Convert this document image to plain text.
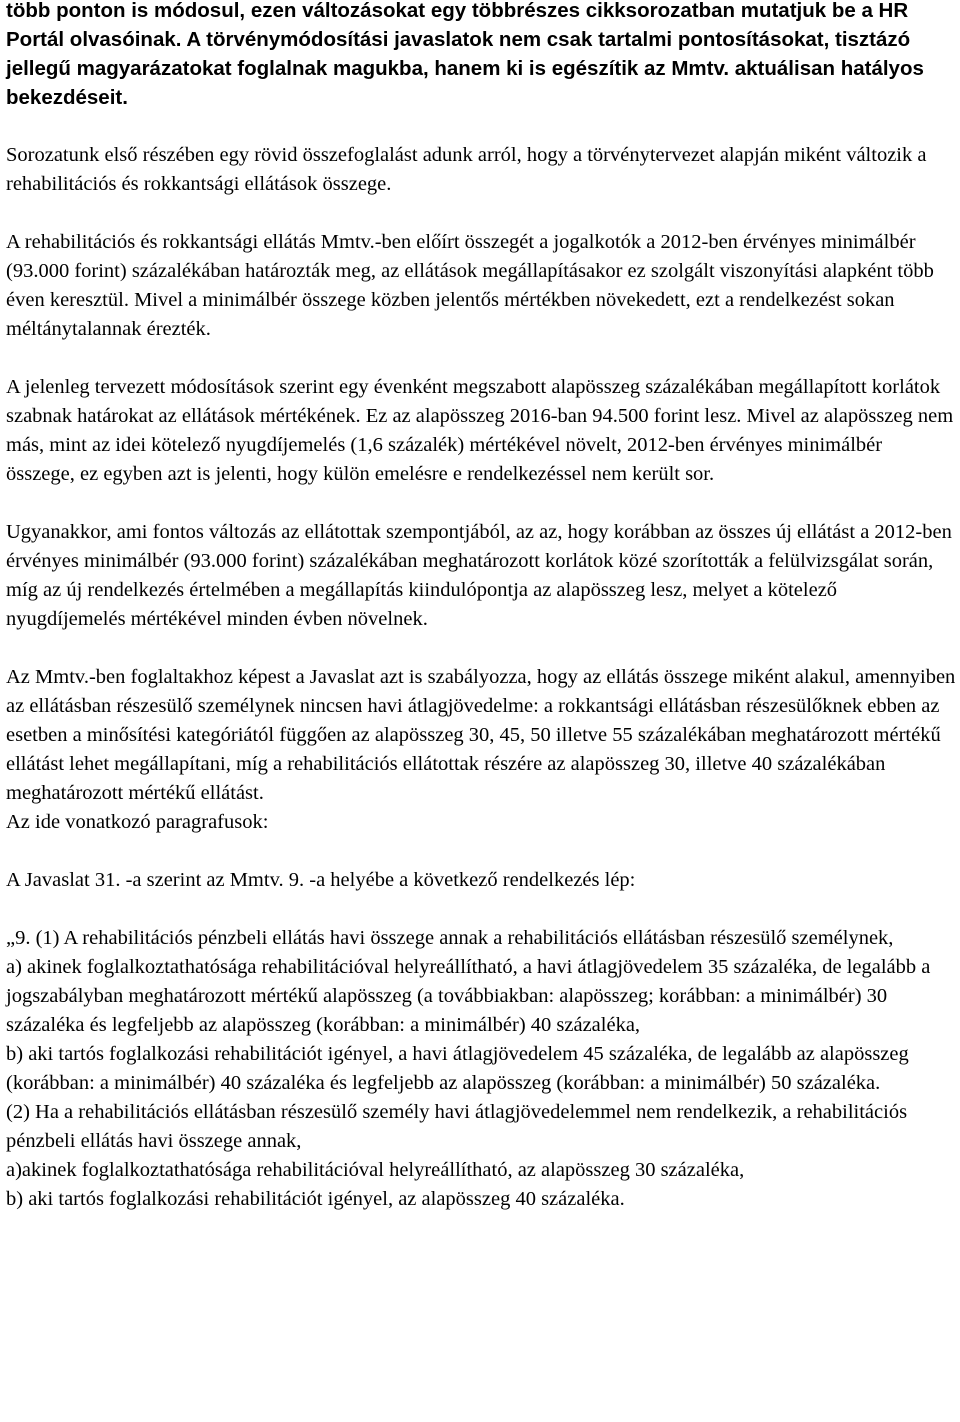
több ponton is módosul, ezen változásokat egy többrészes cikksorozatban mutatjuk be a HR Portál olvasóinak. A törvénymódosítási javaslatok nem csak tartalmi pontosításokat, tisztázó jellegű magyarázatokat foglalnak magukba, hanem ki is egészítik az Mmtv. aktuálisan hatályos bekezdéseit.

Sorozatunk első részében egy rövid összefoglalást adunk arról, hogy a törvénytervezet alapján miként változik a rehabilitációs és rokkantsági ellátások összege.

A rehabilitációs és rokkantsági ellátás Mmtv.-ben előírt összegét a jogalkotók a 2012-ben érvényes minimálbér (93.000 forint) százalékában határozták meg, az ellátások megállapításakor ez szolgált viszonyítási alapként több éven keresztül. Mivel a minimálbér összege közben jelentős mértékben növekedett, ezt a rendelkezést sokan méltánytalannak érezték.

A jelenleg tervezett módosítások szerint egy évenként megszabott alapösszeg százalékában megállapított korlátok szabnak határokat az ellátások mértékének. Ez az alapösszeg 2016-ban 94.500 forint lesz. Mivel az alapösszeg nem más, mint az idei kötelező nyugdíjemelés (1,6 százalék) mértékével növelt, 2012-ben érvényes minimálbér összege, ez egyben azt is jelenti, hogy külön emelésre e rendelkezéssel nem került sor.

Ugyanakkor, ami fontos változás az ellátottak szempontjából, az az, hogy korábban az összes új ellátást a 2012-ben érvényes minimálbér (93.000 forint) százalékában meghatározott korlátok közé szorították a felülvizsgálat során, míg az új rendelkezés értelmében a megállapítás kiindulópontja az alapösszeg lesz, melyet a kötelező nyugdíjemelés mértékével minden évben növelnek.

Az Mmtv.-ben foglaltakhoz képest a Javaslat azt is szabályozza, hogy az ellátás összege miként alakul, amennyiben az ellátásban részesülő személynek nincsen havi átlagjövedelme: a rokkantsági ellátásban részesülőknek ebben az esetben a minősítési kategóriától függően az alapösszeg 30, 45, 50 illetve 55 százalékában meghatározott mértékű ellátást lehet megállapítani, míg a rehabilitációs ellátottak részére az alapösszeg 30, illetve 40 százalékában meghatározott mértékű ellátást.

Az ide vonatkozó paragrafusok:

A Javaslat 31. -a szerint az Mmtv. 9. -a helyébe a következő rendelkezés lép:

„9. (1) A rehabilitációs pénzbeli ellátás havi összege annak a rehabilitációs ellátásban részesülő személynek,

a) akinek foglalkoztathatósága rehabilitációval helyreállítható, a havi átlagjövedelem 35 százaléka, de legalább a jogszabályban meghatározott mértékű alapösszeg (a továbbiakban: alapösszeg; korábban: a minimálbér) 30 százaléka és legfeljebb az alapösszeg (korábban: a minimálbér) 40 százaléka,

b) aki tartós foglalkozási rehabilitációt igényel, a havi átlagjövedelem 45 százaléka, de legalább az alapösszeg (korábban: a minimálbér) 40 százaléka és legfeljebb az alapösszeg (korábban: a minimálbér) 50 százaléka.

(2) Ha a rehabilitációs ellátásban részesülő személy havi átlagjövedelemmel nem rendelkezik, a rehabilitációs pénzbeli ellátás havi összege annak,

a)akinek foglalkoztathatósága rehabilitációval helyreállítható, az alapösszeg 30 százaléka,

b) aki tartós foglalkozási rehabilitációt igényel, az alapösszeg 40 százaléka.
